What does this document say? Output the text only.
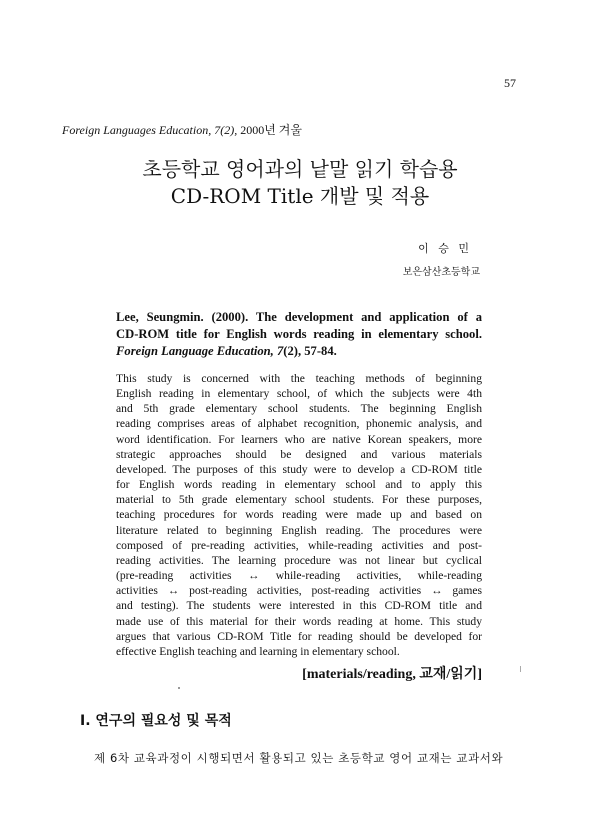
57
Foreign Languages Education, 7(2), 2000년 겨울
초등학교 영어과의 낱말 읽기 학습용
CD-ROM Title 개발 및 적용
이 승 민
보은삼산초등학교
Lee, Seungmin. (2000). The development and application of a
CD-ROM title for English words reading in elementary school.
Foreign Language Education, 7(2), 57-84.
This study is concerned with the teaching methods of beginning
English reading in elementary school, of which the subjects were 4th
and 5th grade elementary school students. The beginning English
reading comprises areas of alphabet recognition, phonemic analysis, and
word identification. For learners who are native Korean speakers, more
strategic approaches should be designed and various materials
developed. The purposes of this study were to develop a CD-ROM title
for English words reading in elementary school and to apply this
material to 5th grade elementary school students. For these purposes,
teaching procedures for words reading were made up and based on
literature related to beginning English reading. The procedures were
composed of pre-reading activities, while-reading activities and post-
reading activities. The learning procedure was not linear but cyclical
(pre-reading activities ↔ while-reading activities, while-reading
activities ↔ post-reading activities, post-reading activities ↔ games
and testing). The students were interested in this CD-ROM title and
made use of this material for their words reading at home. This study
argues that various CD-ROM Title for reading should be developed for
effective English teaching and learning in elementary school.
[materials/reading, 교재/읽기]
Ⅰ. 연구의 필요성 및 목적
제 6차 교육과정이 시행되면서 활용되고 있는 초등학교 영어 교재는 교과서와
